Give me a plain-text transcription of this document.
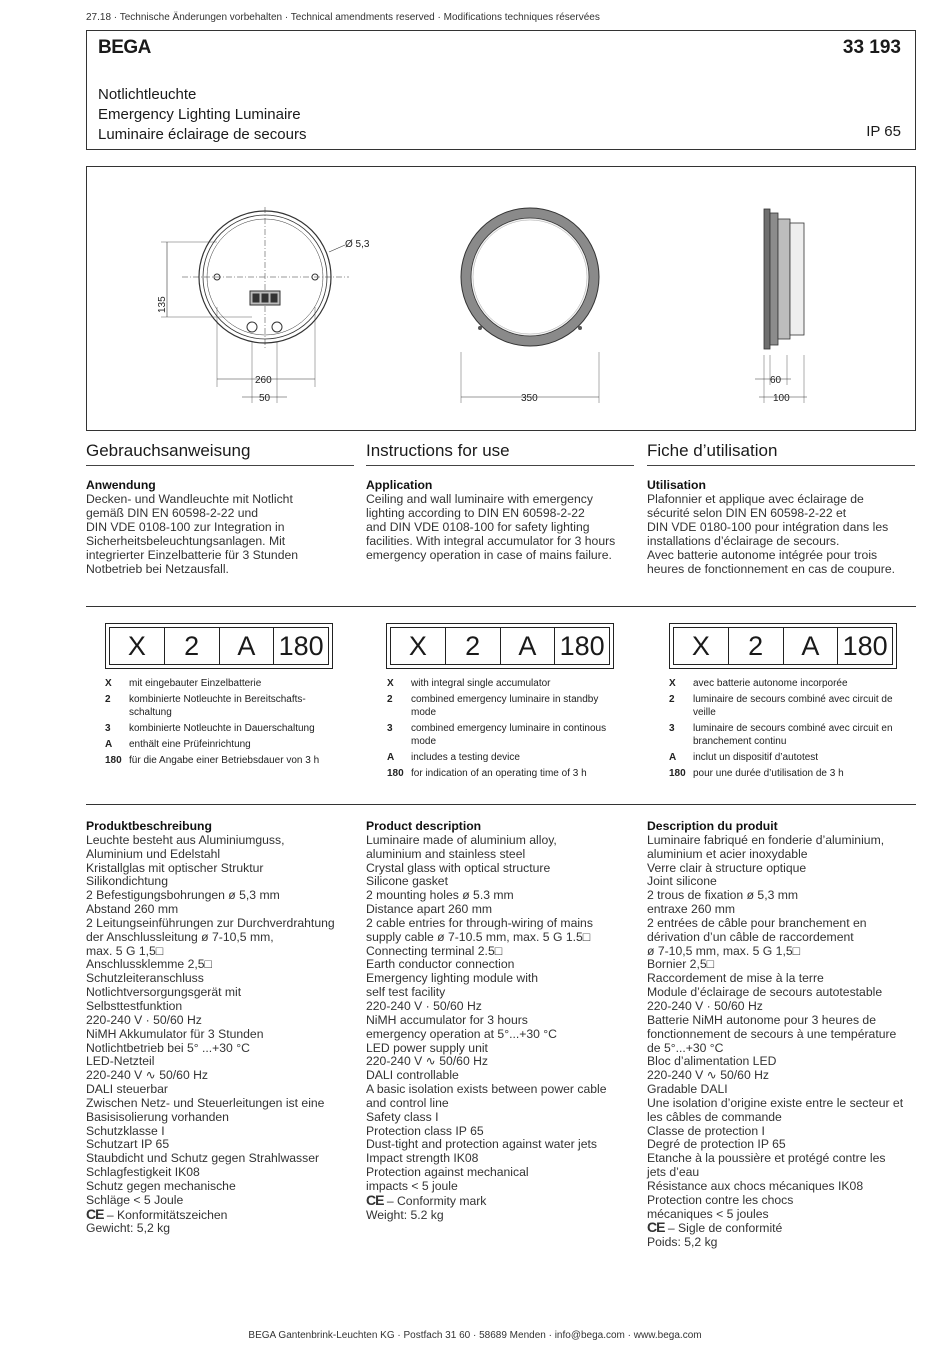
27.18 · Technische Änderungen vorbehalten · Technical amendments reserved · Modifications techniques réservées
BEGA	33 193
Notlichtleuchte
Emergency Lighting Luminaire
Luminaire éclairage de secours	IP 65
Ø 5,3
135
260
50	350
60
100
Gebrauchsanweisung
Anwendung
Decken- und Wandleuchte mit Notlicht
gemäß DIN EN 60598-2-22 und
DIN VDE 0108-100 zur Integration in
Sicherheitsbeleuchtungsanlagen. Mit
integrierter Einzelbatterie für 3 Stunden
Notbetrieb bei Netzausfall.
Instructions for use
Application
Ceiling and wall luminaire with emergency
lighting according to DIN EN 60598-2-22
and DIN VDE 0108-100 for safety lighting
facilities. With integral accumulator for 3 hours
emergency operation in case of mains failure.
Fiche d’utilisation
Utilisation
Plafonnier et applique avec éclairage de
sécurité selon DIN EN 60598-2-22 et
DIN VDE 0180-100 pour intégration dans les
installations d’éclairage de secours.
Avec batterie autonome intégrée pour trois
heures de fonctionnement en cas de coupure.
X	2	A 180
X	mit eingebauter Einzelbatterie
2	kombinierte Notleuchte in Bereitschafts-schaltung
3	kombinierte Notleuchte in Dauerschaltung
A	enthält eine Prüfeinrichtung
180 für die Angabe einer Betriebsdauer von 3 h
X	2	A 180
X	with integral single accumulator
2	combined emergency luminaire in standby mode
3	combined emergency luminaire in continous mode
A	includes a testing device
180 for indication of an operating time of 3 h
X	2	A 180
X	avec batterie autonome incorporée
2	luminaire de secours combiné avec circuit de veille
3	luminaire de secours combiné avec circuit en branchement continu
A	inclut un dispositif d’autotest
180 pour une durée d’utilisation de 3 h
Produktbeschreibung
Leuchte besteht aus Aluminiumguss,
Aluminium und Edelstahl
Kristallglas mit optischer Struktur
Silikondichtung
2 Befestigungsbohrungen ø 5,3 mm
Abstand 260 mm
2 Leitungseinführungen zur Durchverdrahtung
der Anschlussleitung ø 7-10,5 mm,
max. 5 G 1,5□
Anschlussklemme 2,5□
Schutzleiteranschluss
Notlichtversorgungsgerät mit
Selbsttestfunktion
220-240 V · 50/60 Hz
NiMH Akkumulator für 3 Stunden
Notlichtbetrieb bei 5° ...+30 °C
LED-Netzteil
220-240 V ∿ 50/60 Hz
DALI steuerbar
Zwischen Netz- und Steuerleitungen ist eine
Basisisolierung vorhanden
Schutzklasse I
Schutzart IP 65
Staubdicht und Schutz gegen Strahlwasser
Schlagfestigkeit IK08
Schutz gegen mechanische
Schläge < 5 Joule
CE – Konformitätszeichen
Gewicht: 5,2 kg
Product description
Luminaire made of aluminium alloy,
aluminium and stainless steel
Crystal glass with optical structure
Silicone gasket
2 mounting holes ø 5.3 mm
Distance apart 260 mm
2 cable entries for through-wiring of mains
supply cable ø 7-10.5 mm, max. 5 G 1.5□
Connecting terminal 2.5□
Earth conductor connection
Emergency lighting module with
self test facility
220-240 V · 50/60 Hz
NiMH accumulator for 3 hours
emergency operation at 5°...+30 °C
LED power supply unit
220-240 V ∿ 50/60 Hz
DALI controllable
A basic isolation exists between power cable
and control line
Safety class I
Protection class IP 65
Dust-tight and protection against water jets
Impact strength IK08
Protection against mechanical
impacts < 5 joule
CE – Conformity mark
Weight: 5.2 kg
Description du produit
Luminaire fabriqué en fonderie d’aluminium,
aluminium et acier inoxydable
Verre clair à structure optique
Joint silicone
2 trous de fixation ø 5,3 mm
entraxe 260 mm
2 entrées de câble pour branchement en
dérivation d’un câble de raccordement
ø 7-10,5 mm, max. 5 G 1,5□
Bornier 2,5□
Raccordement de mise à la terre
Module d’éclairage de secours autotestable
220-240 V · 50/60 Hz
Batterie NiMH autonome pour 3 heures de
fonctionnement de secours à une température
de 5°...+30 °C
Bloc d’alimentation LED
220-240 V ∿ 50/60 Hz
Gradable DALI
Une isolation d’origine existe entre le secteur et
les câbles de commande
Classe de protection I
Degré de protection IP 65
Etanche à la poussière et protégé contre les
jets d’eau
Résistance aux chocs mécaniques IK08
Protection contre les chocs
mécaniques < 5 joules
CE – Sigle de conformité
Poids: 5,2 kg
BEGA Gantenbrink-Leuchten KG · Postfach 31 60 · 58689 Menden · info@bega.com · www.bega.com
